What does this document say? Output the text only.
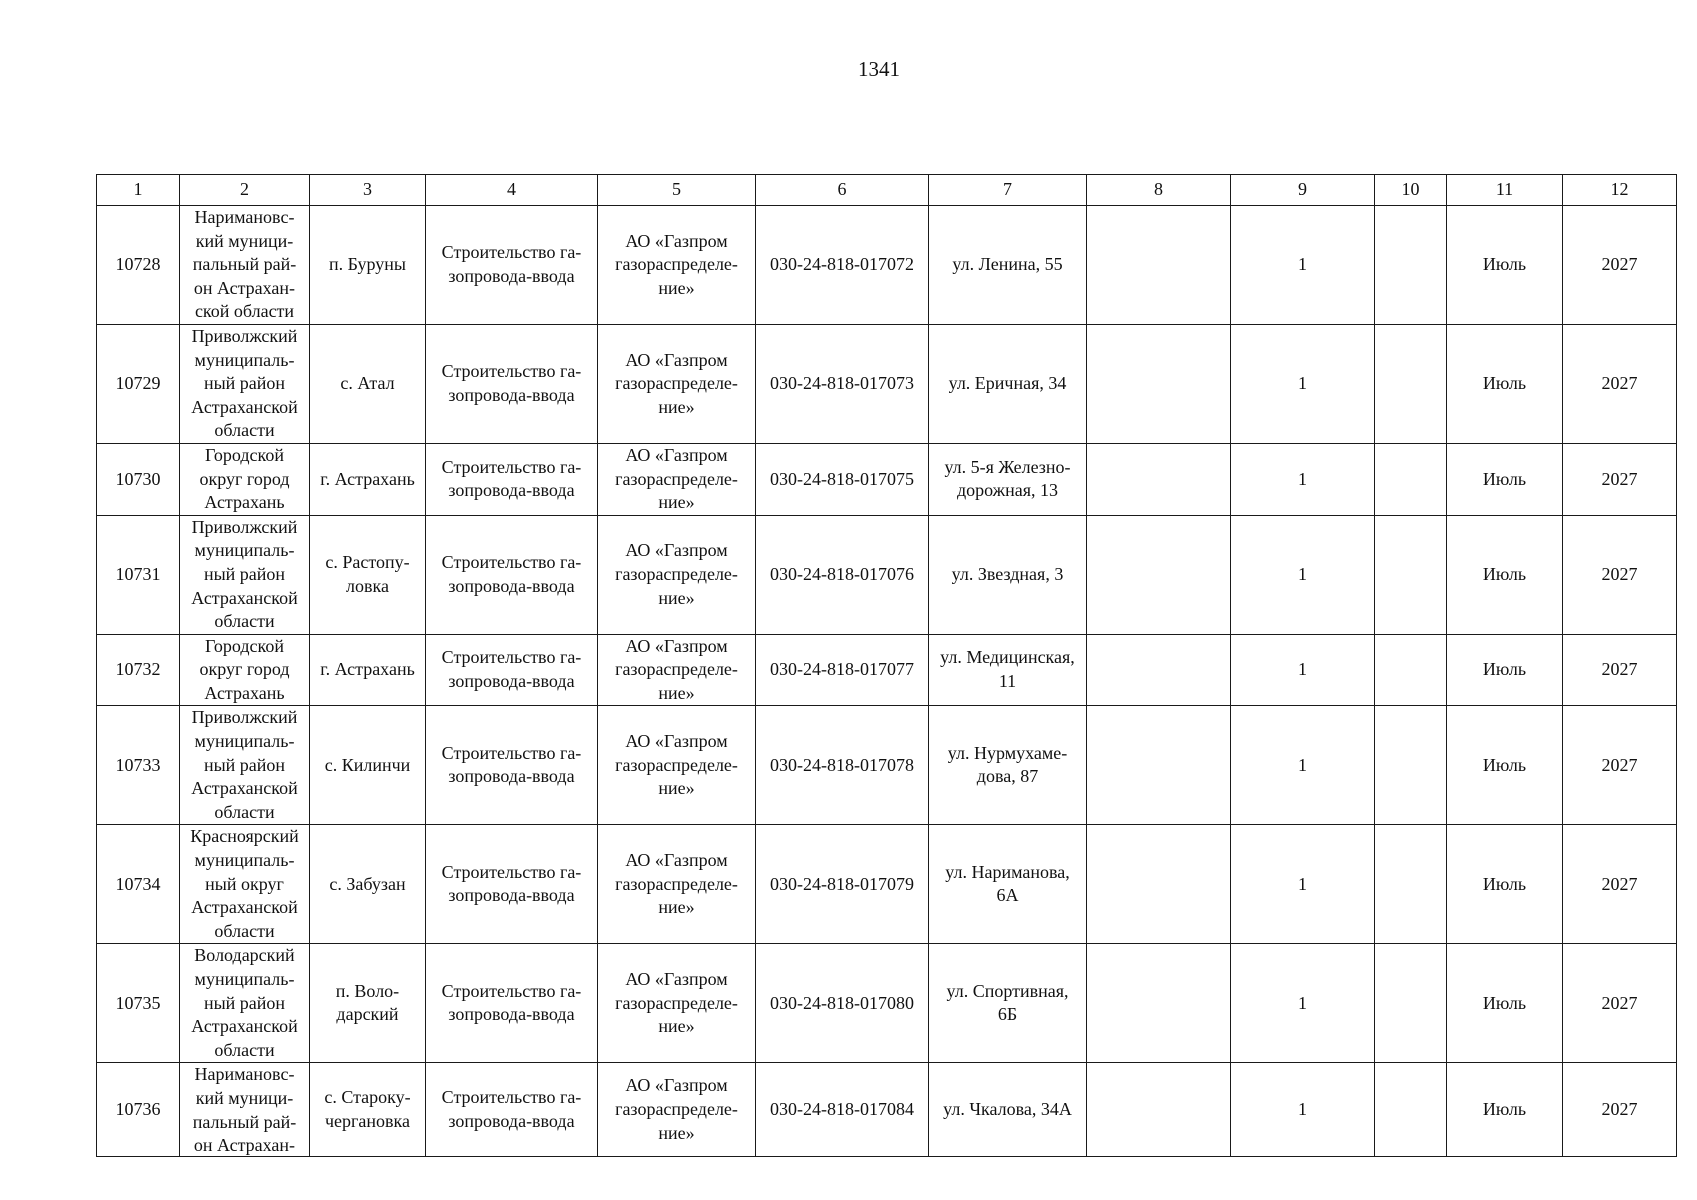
1341
1	2	3	4	5	6	7	8	9	10	11	12
10728	Наримановс-
кий муници-
пальный рай-
он Астрахан-
ской области	п. Буруны	Строительство га-
зопровода-ввода	АО «Газпром
газораспределе-
ние»	030-24-818-017072	ул. Ленина, 55		1		Июль	2027
10729	Приволжский
муниципаль-
ный район
Астраханской
области	с. Атал	Строительство га-
зопровода-ввода	АО «Газпром
газораспределе-
ние»	030-24-818-017073	ул. Еричная, 34		1		Июль	2027
10730	Городской
округ город
Астрахань	г. Астрахань	Строительство га-
зопровода-ввода	АО «Газпром
газораспределе-
ние»	030-24-818-017075	ул. 5-я Железно-
дорожная, 13		1		Июль	2027
10731	Приволжский
муниципаль-
ный район
Астраханской
области	с. Растопу-
ловка	Строительство га-
зопровода-ввода	АО «Газпром
газораспределе-
ние»	030-24-818-017076	ул. Звездная, 3		1		Июль	2027
10732	Городской
округ город
Астрахань	г. Астрахань	Строительство га-
зопровода-ввода	АО «Газпром
газораспределе-
ние»	030-24-818-017077	ул. Медицинская,
11		1		Июль	2027
10733	Приволжский
муниципаль-
ный район
Астраханской
области	с. Килинчи	Строительство га-
зопровода-ввода	АО «Газпром
газораспределе-
ние»	030-24-818-017078	ул. Нурмухаме-
дова, 87		1		Июль	2027
10734	Красноярский
муниципаль-
ный округ
Астраханской
области	с. Забузан	Строительство га-
зопровода-ввода	АО «Газпром
газораспределе-
ние»	030-24-818-017079	ул. Нариманова,
6А		1		Июль	2027
10735	Володарский
муниципаль-
ный район
Астраханской
области	п. Воло-
дарский	Строительство га-
зопровода-ввода	АО «Газпром
газораспределе-
ние»	030-24-818-017080	ул. Спортивная,
6Б		1		Июль	2027
10736	Наримановс-
кий муници-
пальный рай-
он Астрахан-	с. Староку-
чергановка	Строительство га-
зопровода-ввода	АО «Газпром
газораспределе-
ние»	030-24-818-017084	ул. Чкалова, 34А		1		Июль	2027
